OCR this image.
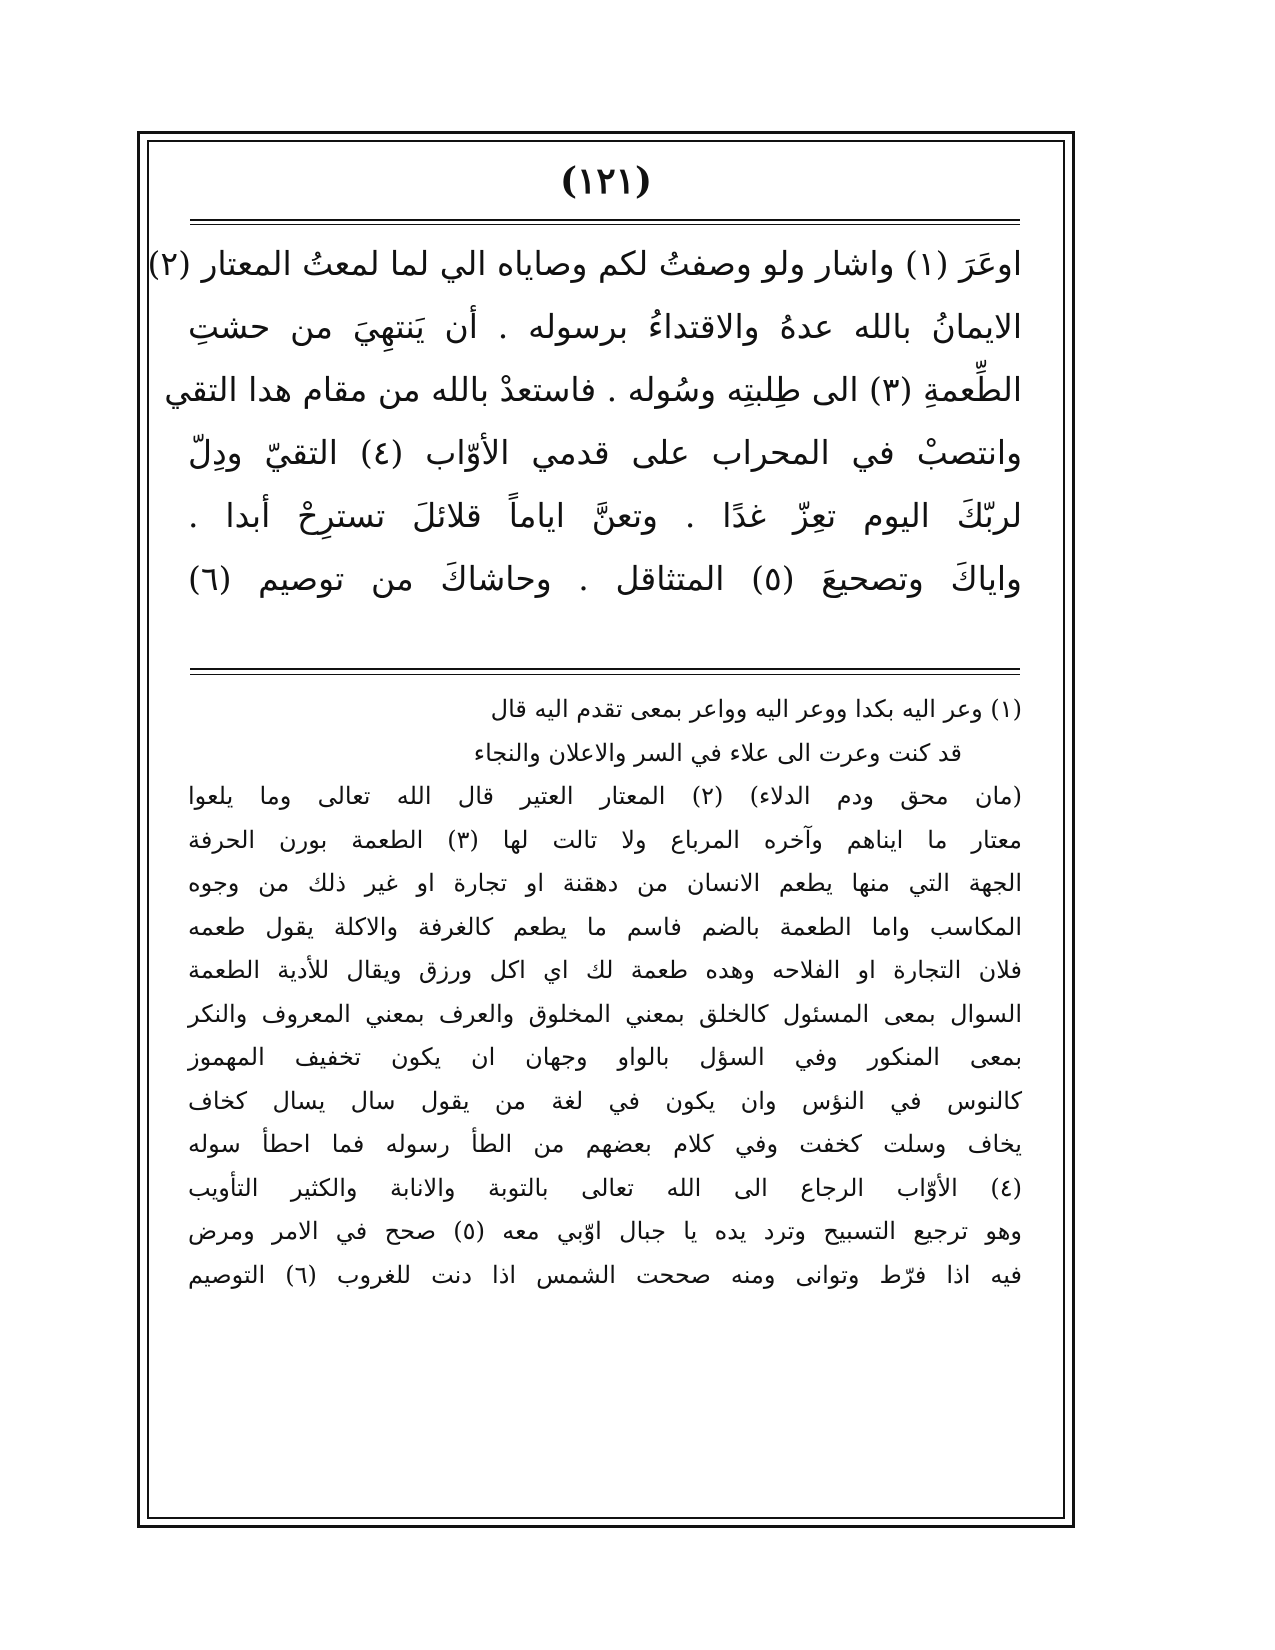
(١٢١)
اوعَرَ (١) واشار ولو وصفتُ لكم وصاياه الي لما لمعتُ المعتار (٢)
الايمانُ بالله عدهُ والاقتداءُ برسوله . أن يَنتهِيَ من حشتِ
الطِّعمةِ (٣) الى طِلبتِه وسُوله . فاستعدْ بالله من مقام هدا التقي
وانتصبْ في المحراب على قدمي الأوّاب (٤) التقيّ ودِلّ
لربّكَ اليوم تعِزّ غدًا . وتعنَّ اياماً قلائلَ تسترِحْ أبدا .
واياكَ وتصحيعَ (٥) المتثاقل . وحاشاكَ من توصيم (٦)
(١) وعر اليه بكدا ووعر اليه وواعر بمعى تقدم اليه قال
قد كنت وعرت الى علاء في السر والاعلان والنجاء
(مان محق ودم الدلاء) (٢) المعتار العتير قال الله تعالى وما يلعوا
معتار ما ايناهم وآخره المرباع ولا تالت لها (٣) الطعمة بورن الحرفة
الجهة التي منها يطعم الانسان من دهقنة او تجارة او غير ذلك من وجوه
المكاسب واما الطعمة بالضم فاسم ما يطعم كالغرفة والاكلة يقول طعمه
فلان التجارة او الفلاحه وهده طعمة لك اي اكل ورزق ويقال للأدية الطعمة
السوال بمعى المسئول كالخلق بمعني المخلوق والعرف بمعني المعروف والنكر
بمعى المنكور وفي السؤل بالواو وجهان ان يكون تخفيف المهموز
كالنوس في النؤس وان يكون في لغة من يقول سال يسال كخاف
يخاف وسلت كخفت وفي كلام بعضهم من الطأ رسوله فما احطأ سوله
(٤) الأوّاب الرجاع الى الله تعالى بالتوبة والانابة والكثير التأويب
وهو ترجيع التسبيح وترد يده يا جبال اوّبي معه (٥) صحح في الامر ومرض
فيه اذا فرّط وتوانى ومنه صححت الشمس اذا دنت للغروب (٦) التوصيم
